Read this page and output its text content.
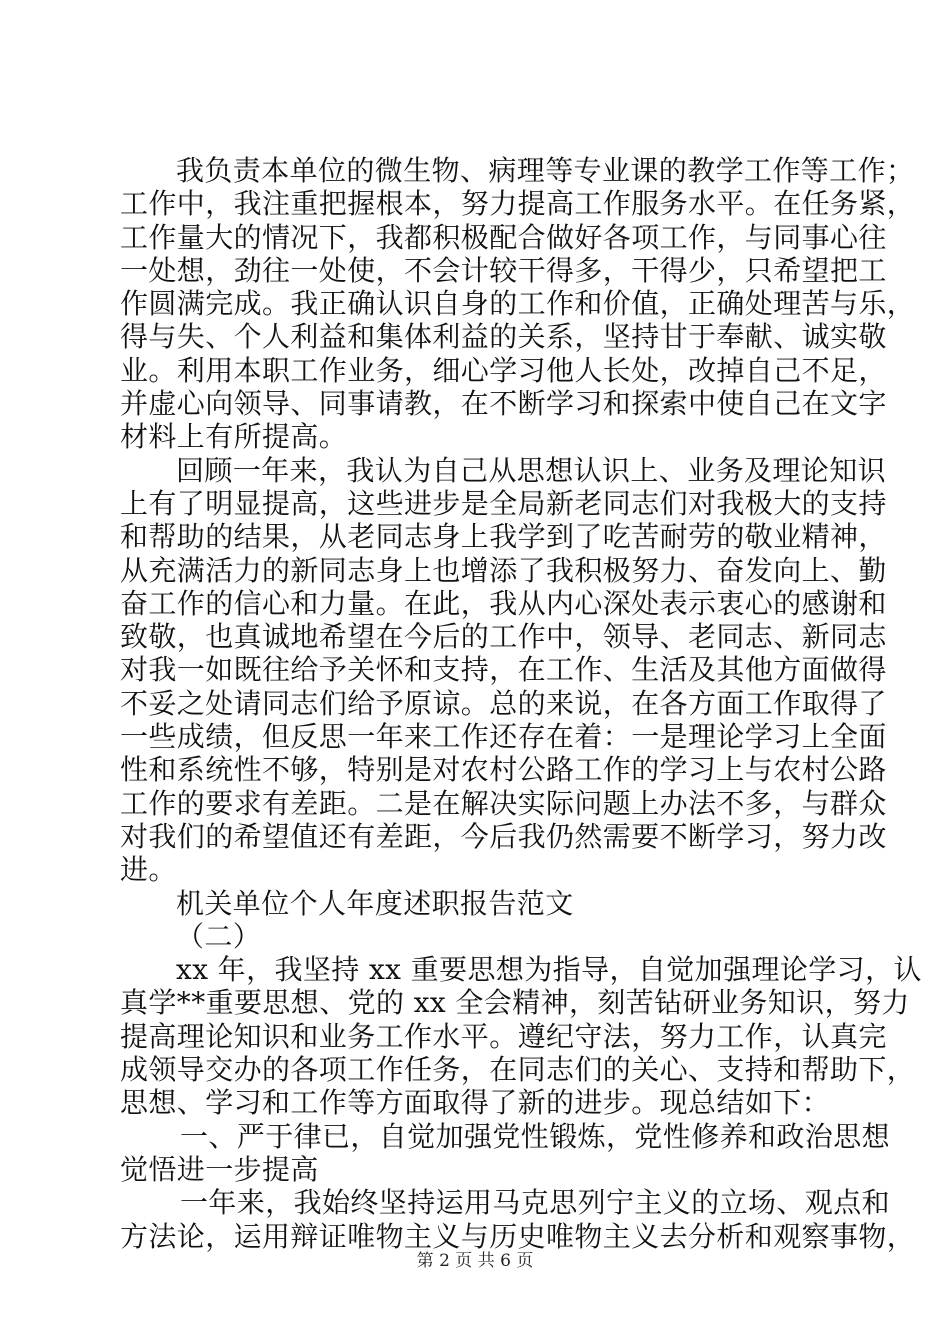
我负责本单位的微生物、病理等专业课的教学工作等工作；
工作中，我注重把握根本，努力提高工作服务水平。在任务紧，
工作量大的情况下，我都积极配合做好各项工作，与同事心往
一处想，劲往一处使，不会计较干得多，干得少，只希望把工
作圆满完成。我正确认识自身的工作和价值，正确处理苦与乐，
得与失、个人利益和集体利益的关系，坚持甘于奉献、诚实敬
业。利用本职工作业务，细心学习他人长处，改掉自己不足，
并虚心向领导、同事请教，在不断学习和探索中使自己在文字
材料上有所提高。
回顾一年来，我认为自己从思想认识上、业务及理论知识
上有了明显提高，这些进步是全局新老同志们对我极大的支持
和帮助的结果，从老同志身上我学到了吃苦耐劳的敬业精神，
从充满活力的新同志身上也增添了我积极努力、奋发向上、勤
奋工作的信心和力量。在此，我从内心深处表示衷心的感谢和
致敬，也真诚地希望在今后的工作中，领导、老同志、新同志
对我一如既往给予关怀和支持，在工作、生活及其他方面做得
不妥之处请同志们给予原谅。总的来说，在各方面工作取得了
一些成绩，但反思一年来工作还存在着：一是理论学习上全面
性和系统性不够，特别是对农村公路工作的学习上与农村公路
工作的要求有差距。二是在解决实际问题上办法不多，与群众
对我们的希望值还有差距，今后我仍然需要不断学习，努力改
进。
机关单位个人年度述职报告范文
（二）
xx 年，我坚持 xx 重要思想为指导，自觉加强理论学习，认
真学**重要思想、党的 xx 全会精神，刻苦钻研业务知识，努力
提高理论知识和业务工作水平。遵纪守法，努力工作，认真完
成领导交办的各项工作任务，在同志们的关心、支持和帮助下，
思想、学习和工作等方面取得了新的进步。现总结如下：
一、严于律已，自觉加强党性锻炼，党性修养和政治思想
觉悟进一步提高
一年来，我始终坚持运用马克思列宁主义的立场、观点和
方法论，运用辩证唯物主义与历史唯物主义去分析和观察事物，
第 2 页 共 6 页
